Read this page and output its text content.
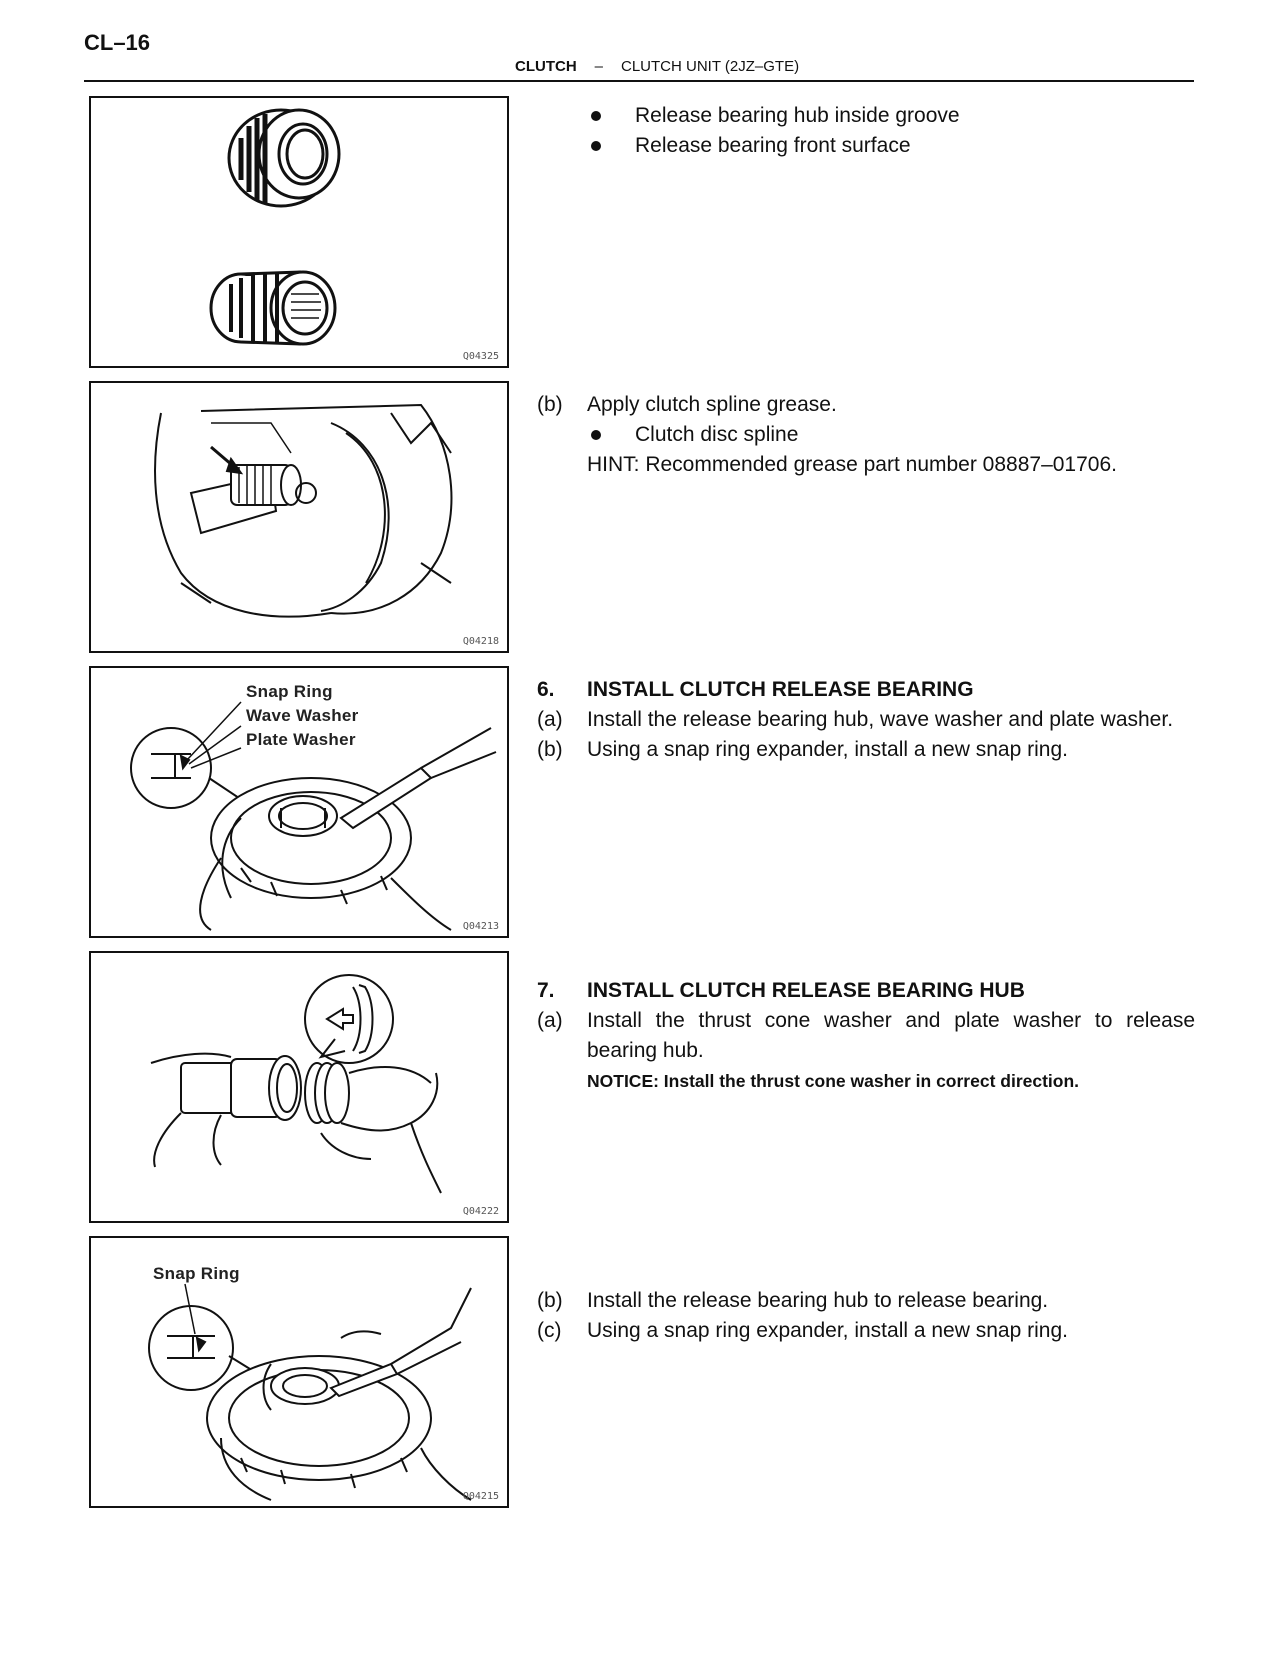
CL–16
CLUTCH – CLUTCH UNIT (2JZ–GTE)
Q04325
Q04218
Snap Ring
Wave Washer
Plate Washer
Q04213
Q04222
Snap Ring
Q04215

Release bearing hub inside groove

Release bearing front surface

(b) Apply clutch spline grease.

Clutch disc spline

HINT: Recommended grease part number 08887–01706.

6. INSTALL CLUTCH RELEASE BEARING

(a) Install the release bearing hub, wave washer and plate washer.

(b) Using a snap ring expander, install a new snap ring.

7. INSTALL CLUTCH RELEASE BEARING HUB

(a) Install the thrust cone washer and plate washer to release bearing hub.

NOTICE: Install the thrust cone washer in correct direction.

(b) Install the release bearing hub to release bearing.

(c) Using a snap ring expander, install a new snap ring.
